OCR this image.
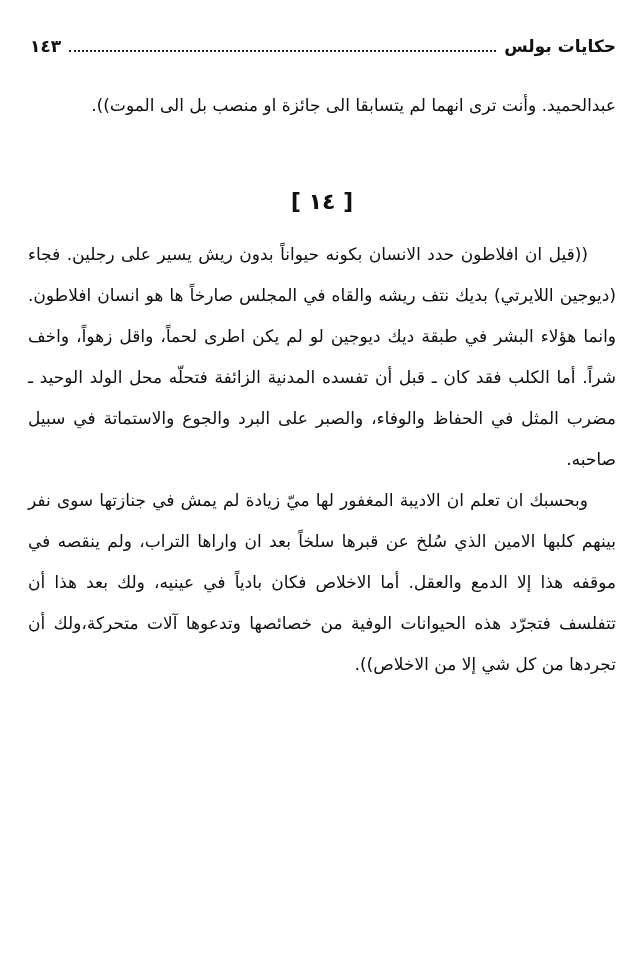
حكايات بولس
١٤٣

عبدالحميد. وأنت ترى انهما لم يتسابقا الى جائزة او منصب بل الى الموت)).

[ ١٤ ]

((قيل ان افلاطون حدد الانسان بكونه حيواناً بدون ريش يسير على رجلين. فجاء (ديوجين اللايرتي) بديك نتف ريشه والقاه في المجلس صارخاً ها هو انسان افلاطون. وانما هؤلاء البشر في طبقة ديك ديوجين لو لم يكن اطرى لحماً، واقل زهواً، واخف شراً. أما الكلب فقد كان ـ قبل أن تفسده المدنية الزائفة فتحلّه محل الولد الوحيد ـ مضرب المثل في الحفاظ والوفاء، والصبر على البرد والجوع والاستماتة في سبيل صاحبه.

وبحسبك ان تعلم ان الاديبة المغفور لها ميّ زيادة لم يمش في جنازتها سوى نفر بينهم كلبها الامين الذي سُلخ عن قبرها سلخاً بعد ان واراها التراب، ولم ينقصه في موقفه هذا إلا الدمع والعقل. أما الاخلاص فكان بادياً في عينيه، ولك بعد هذا أن تتفلسف فتجرّد هذه الحيوانات الوفية من خصائصها وتدعوها آلات متحركة،ولك أن تجردها من كل شي إلا من الاخلاص)).
